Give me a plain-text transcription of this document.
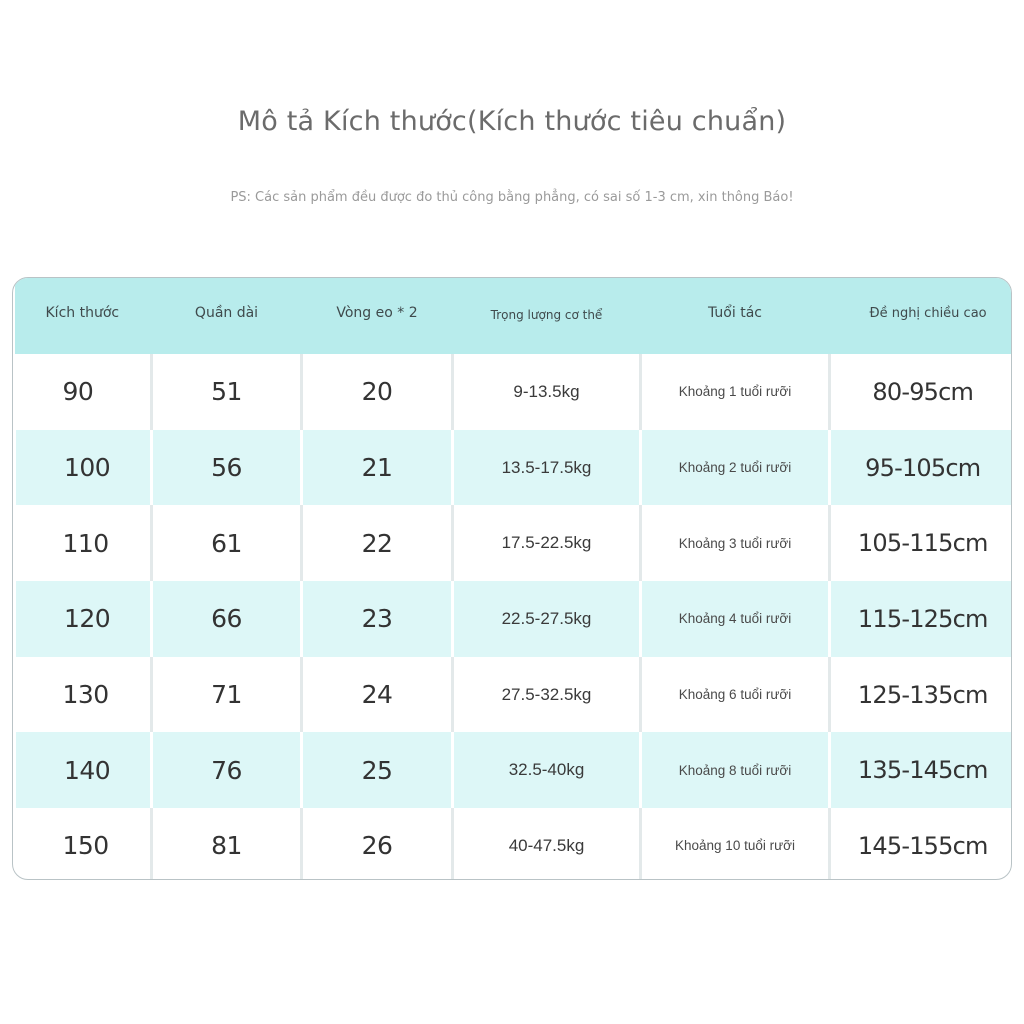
Mô tả Kích thước(Kích thước tiêu chuẩn)
PS: Các sản phẩm đều được đo thủ công bằng phẳng, có sai số 1-3 cm, xin thông Báo!
Kích thước	Quần dài	Vòng eo * 2	Trọng lượng cơ thể	Tuổi tác	Đề nghị chiều cao
90	51	20	9-13.5kg	Khoảng 1 tuổi rưỡi	80-95cm
100	56	21	13.5-17.5kg	Khoảng 2 tuổi rưỡi	95-105cm
110	61	22	17.5-22.5kg	Khoảng 3 tuổi rưỡi	105-115cm
120	66	23	22.5-27.5kg	Khoảng 4 tuổi rưỡi	115-125cm
130	71	24	27.5-32.5kg	Khoảng 6 tuổi rưỡi	125-135cm
140	76	25	32.5-40kg	Khoảng 8 tuổi rưỡi	135-145cm
150	81	26	40-47.5kg	Khoảng 10 tuổi rưỡi	145-155cm
